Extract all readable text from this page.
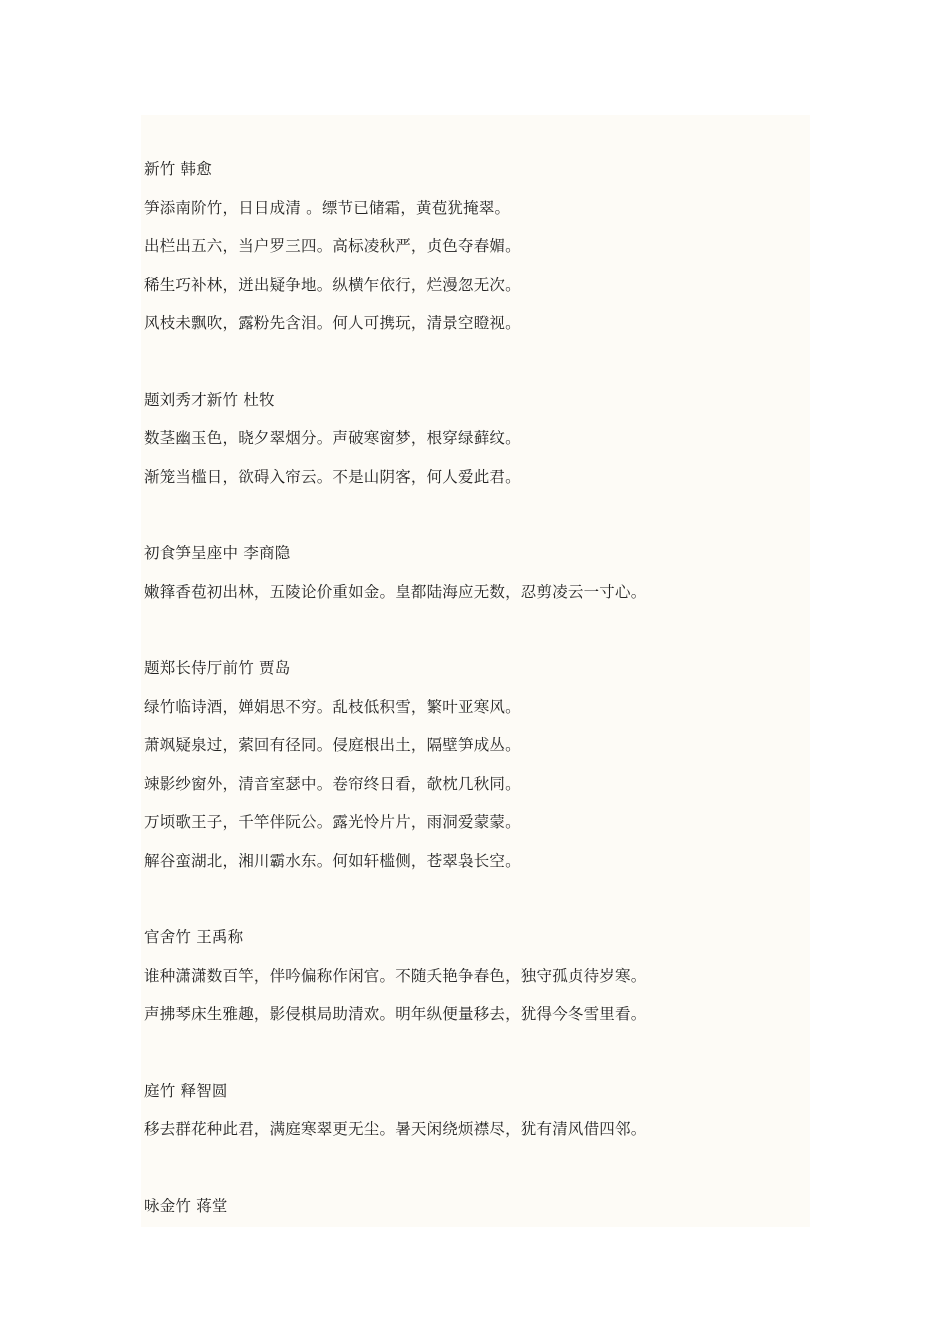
新竹 韩愈

笋添南阶竹，日日成清 。缥节已储霜，黄苞犹掩翠。

出栏出五六，当户罗三四。高标凌秋严，贞色夺春媚。

稀生巧补林，迸出疑争地。纵横乍依行，烂漫忽无次。

风枝未飘吹，露粉先含泪。何人可携玩，清景空瞪视。

题刘秀才新竹 杜牧

数茎幽玉色，晓夕翠烟分。声破寒窗梦，根穿绿藓纹。

渐笼当槛日，欲碍入帘云。不是山阴客，何人爱此君。

初食笋呈座中 李商隐

嫩箨香苞初出林，五陵论价重如金。皇都陆海应无数，忍剪凌云一寸心。

题郑长侍厅前竹 贾岛

绿竹临诗酒，婵娟思不穷。乱枝低积雪，繁叶亚寒风。

萧飒疑泉过，萦回有径同。侵庭根出土，隔壁笋成丛。

竦影纱窗外，清音室瑟中。卷帘终日看，欹枕几秋同。

万顷歌王子，千竿伴阮公。露光怜片片，雨洞爱蒙蒙。

解谷蛮湖北，湘川霸水东。何如轩槛侧，苍翠袅长空。

官舍竹 王禹称

谁种潇潇数百竿，伴吟偏称作闲官。不随夭艳争春色，独守孤贞待岁寒。

声拂琴床生雅趣，影侵棋局助清欢。明年纵便量移去，犹得今冬雪里看。

庭竹 释智圆

移去群花种此君，满庭寒翠更无尘。暑天闲绕烦襟尽，犹有清风借四邻。

咏金竹 蒋堂
